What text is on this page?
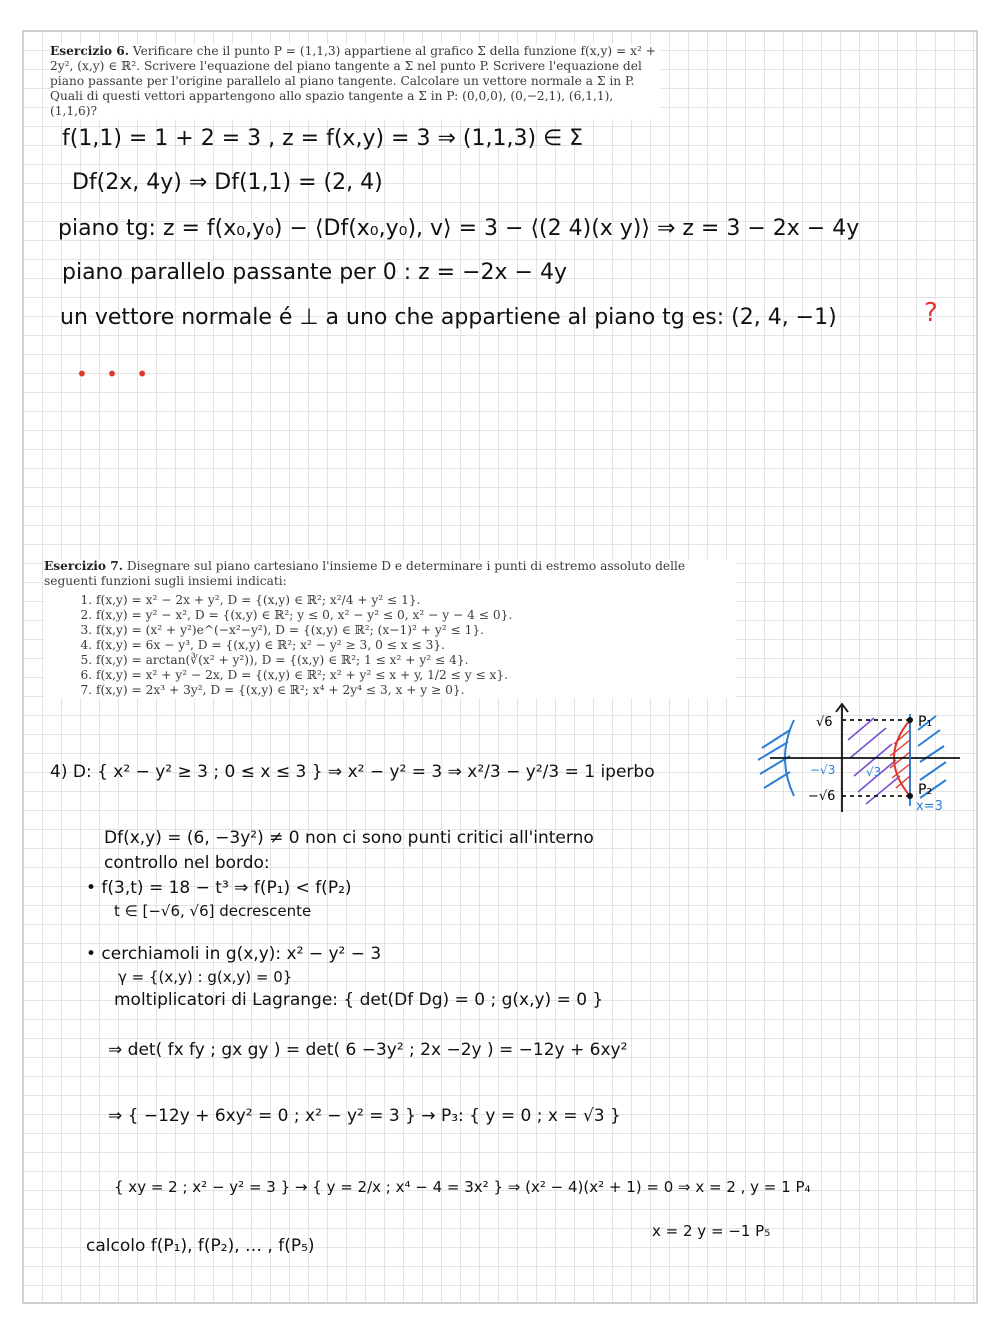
Esercizio 6. Verificare che il punto P = (1,1,3) appartiene al grafico Σ della funzione f(x,y) = x² + 2y², (x,y) ∈ ℝ². Scrivere l'equazione del piano tangente a Σ nel punto P. Scrivere l'equazione del piano passante per l'origine parallelo al piano tangente. Calcolare un vettore normale a Σ in P. Quali di questi vettori appartengono allo spazio tangente a Σ in P: (0,0,0), (0,−2,1), (6,1,1), (1,1,6)?
f(1,1) = 1 + 2 = 3 , z = f(x,y) = 3 ⇒ (1,1,3) ∈ Σ
Df(2x, 4y) ⇒ Df(1,1) = (2, 4)
piano tg: z = f(x₀,y₀) − ⟨Df(x₀,y₀), v⟩ = 3 − ⟨(2 4)(x y)⟩ ⇒ z = 3 − 2x − 4y
piano parallelo passante per 0 : z = −2x − 4y
un vettore normale é ⊥ a uno che appartiene al piano tg es: (2, 4, −1)	?
• • •
Esercizio 7. Disegnare sul piano cartesiano l'insieme D e determinare i punti di estremo assoluto delle seguenti funzioni sugli insiemi indicati:
1. f(x,y) = x² − 2x + y², D = {(x,y) ∈ ℝ²; x²/4 + y² ≤ 1}.
2. f(x,y) = y² − x², D = {(x,y) ∈ ℝ²; y ≤ 0, x² − y² ≤ 0, x² − y − 4 ≤ 0}.
3. f(x,y) = (x² + y²)e^(−x²−y²), D = {(x,y) ∈ ℝ²; (x−1)² + y² ≤ 1}.
4. f(x,y) = 6x − y³, D = {(x,y) ∈ ℝ²; x² − y² ≥ 3, 0 ≤ x ≤ 3}.
5. f(x,y) = arctan(∛(x² + y²)), D = {(x,y) ∈ ℝ²; 1 ≤ x² + y² ≤ 4}.
6. f(x,y) = x² + y² − 2x, D = {(x,y) ∈ ℝ²; x² + y² ≤ x + y, 1/2 ≤ y ≤ x}.
7. f(x,y) = 2x³ + 3y², D = {(x,y) ∈ ℝ²; x⁴ + 2y⁴ ≤ 3, x + y ≥ 0}.
4) D: { x² − y² ≥ 3 ; 0 ≤ x ≤ 3 } ⇒ x² − y² = 3 ⇒ x²/3 − y²/3 = 1 iperbo
Df(x,y) = (6, −3y²) ≠ 0 non ci sono punti critici all'interno
controllo nel bordo:
• f(3,t) = 18 − t³ ⇒ f(P₁) < f(P₂)
t ∈ [−√6, √6] decrescente
• cerchiamoli in g(x,y): x² − y² − 3
γ = {(x,y) : g(x,y) = 0}
moltiplicatori di Lagrange: { det(Df Dg) = 0 ; g(x,y) = 0 }
⇒ det( fx fy ; gx gy ) = det( 6 −3y² ; 2x −2y ) = −12y + 6xy²
⇒ { −12y + 6xy² = 0 ; x² − y² = 3 } → P₃: { y = 0 ; x = √3 }
{ xy = 2 ; x² − y² = 3 } → { y = 2/x ; x⁴ − 4 = 3x² } ⇒ (x² − 4)(x² + 1) = 0 ⇒ x = 2 , y = 1 P₄
x = 2 y = −1 P₅
calcolo f(P₁), f(P₂), … , f(P₅)
√6
−√6
−√3	√3
P₁
P₂
x=3
